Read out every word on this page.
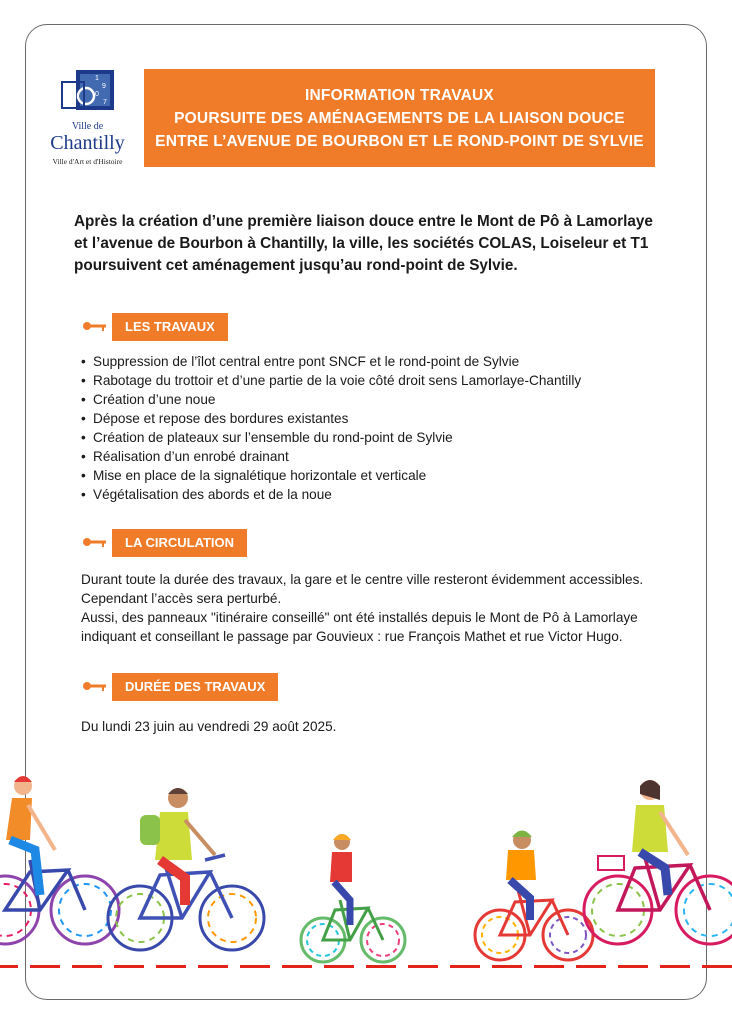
1
9
0
7
Ville de
Chantilly
Ville d'Art et d'Histoire
INFORMATION TRAVAUX
POURSUITE DES AMÉNAGEMENTS DE LA LIAISON DOUCE
ENTRE L’AVENUE DE BOURBON ET LE ROND-POINT DE SYLVIE
Après la création d’une première liaison douce entre le Mont de Pô à Lamorlaye et l’avenue de Bourbon à Chantilly, la ville, les sociétés COLAS, Loiseleur et T1 poursuivent cet aménagement jusqu’au rond-point de Sylvie.
LES TRAVAUX
• Suppression de l’îlot central entre pont SNCF et le rond-point de Sylvie
• Rabotage du trottoir et d’une partie de la voie côté droit sens Lamorlaye-Chantilly
• Création d’une noue
• Dépose et repose des bordures existantes
• Création de plateaux sur l’ensemble du rond-point de Sylvie
• Réalisation d’un enrobé drainant
• Mise en place de la signalétique horizontale et verticale
• Végétalisation des abords et de la noue
LA CIRCULATION
Durant toute la durée des travaux, la gare et le centre ville resteront évidemment accessibles.
Cependant l’accès sera perturbé.
Aussi, des panneaux "itinéraire conseillé" ont été installés depuis le Mont de Pô à Lamorlaye
indiquant et conseillant le passage par Gouvieux : rue François Mathet et rue Victor Hugo.
DURÉE DES TRAVAUX
Du lundi 23 juin au vendredi 29 août 2025.
